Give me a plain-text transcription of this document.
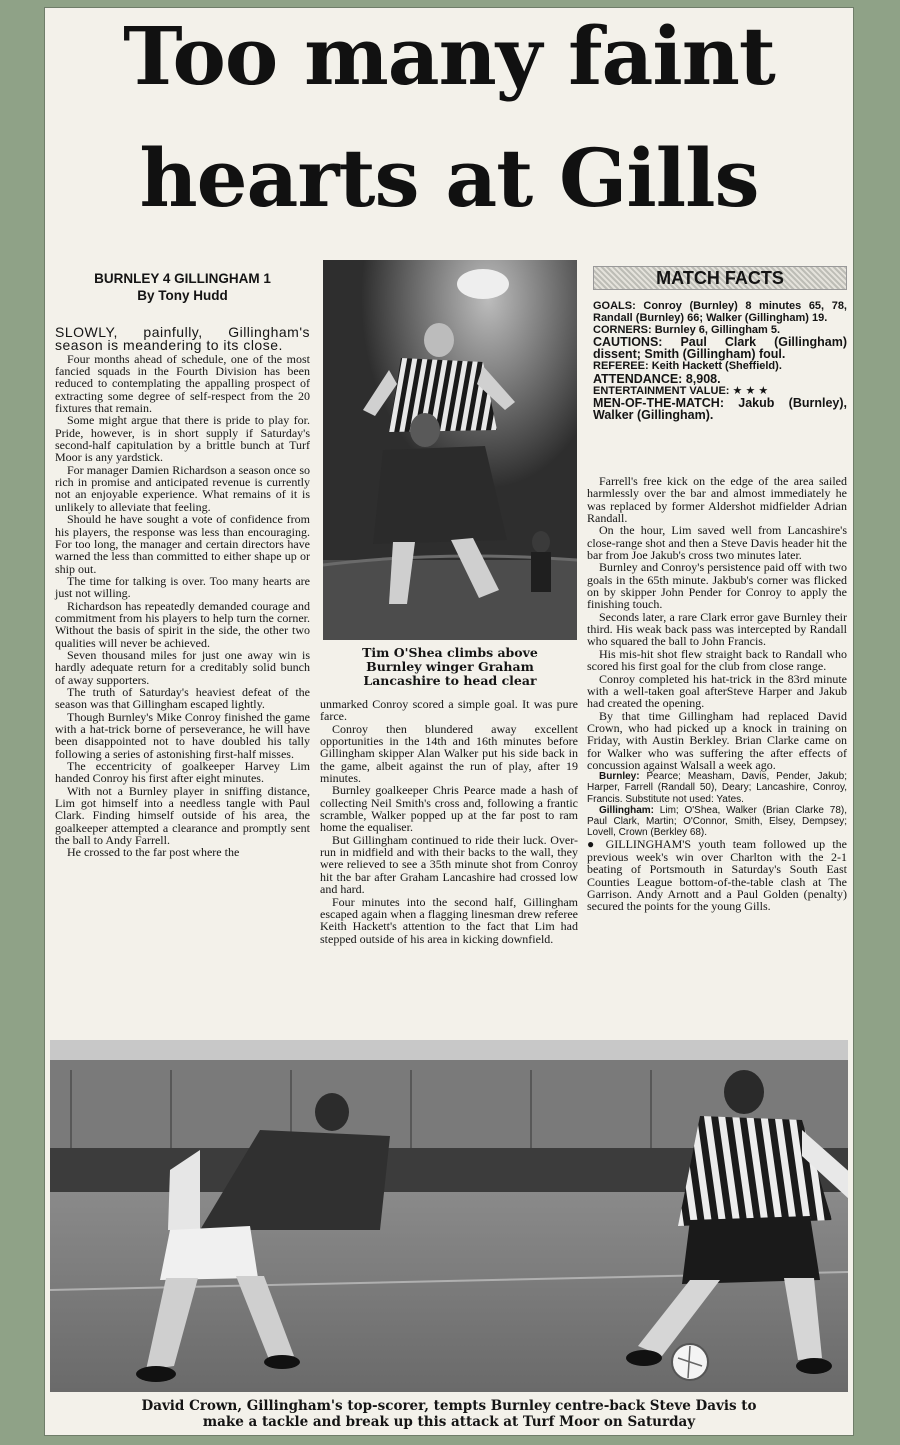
Too many faint
hearts at Gills
BURNLEY 4 GILLINGHAM 1
By Tony Hudd

SLOWLY, painfully, Gillingham's season is meandering to its close.

Four months ahead of schedule, one of the most fancied squads in the Fourth Division has been reduced to contemplating the appalling prospect of extracting some degree of self-respect from the 20 fixtures that remain.

Some might argue that there is pride to play for. Pride, however, is in short supply if Saturday's second-half capitulation by a brittle bunch at Turf Moor is any yardstick.

For manager Damien Richardson a season once so rich in promise and anticipated revenue is currently not an enjoyable experience. What remains of it is unlikely to alleviate that feeling.

Should he have sought a vote of confidence from his players, the response was less than encouraging. For too long, the manager and certain directors have warned the less than committed to either shape up or ship out.

The time for talking is over. Too many hearts are just not willing.

Richardson has repeatedly demanded courage and commitment from his players to help turn the corner. Without the basis of spirit in the side, the other two qualities will never be achieved.

Seven thousand miles for just one away win is hardly adequate return for a creditably solid bunch of away supporters.

The truth of Saturday's heaviest defeat of the season was that Gillingham escaped lightly.

Though Burnley's Mike Conroy finished the game with a hat-trick borne of perseverance, he will have been disappointed not to have doubled his tally following a series of astonishing first-half misses.

The eccentricity of goalkeeper Harvey Lim handed Conroy his first after eight minutes.

With not a Burnley player in sniffing distance, Lim got himself into a needless tangle with Paul Clark. Finding himself outside of his area, the goalkeeper attempted a clearance and promptly sent the ball to Andy Farrell.

He crossed to the far post where the

Tim O'Shea climbs above
Burnley winger Graham
Lancashire to head clear

unmarked Conroy scored a simple goal. It was pure farce.

Conroy then blundered away excellent opportunities in the 14th and 16th minutes before Gillingham skipper Alan Walker put his side back in the game, albeit against the run of play, after 19 minutes.

Burnley goalkeeper Chris Pearce made a hash of collecting Neil Smith's cross and, following a frantic scramble, Walker popped up at the far post to ram home the equaliser.

But Gillingham continued to ride their luck. Over-run in midfield and with their backs to the wall, they were relieved to see a 35th minute shot from Conroy hit the bar after Graham Lancashire had crossed low and hard.

Four minutes into the second half, Gillingham escaped again when a flagging linesman drew referee Keith Hackett's attention to the fact that Lim had stepped outside of his area in kicking downfield.

MATCH FACTS
GOALS: Conroy (Burnley) 8 minutes 65, 78, Randall (Burnley) 66; Walker (Gillingham) 19.
CORNERS: Burnley 6, Gillingham 5.
CAUTIONS: Paul Clark (Gillingham) dissent; Smith (Gillingham) foul.
REFEREE: Keith Hackett (Sheffield).
ATTENDANCE: 8,908.
ENTERTAINMENT VALUE: ★ ★ ★
MEN-OF-THE-MATCH: Jakub (Burnley), Walker (Gillingham).

Farrell's free kick on the edge of the area sailed harmlessly over the bar and almost immediately he was replaced by former Aldershot midfielder Adrian Randall.

On the hour, Lim saved well from Lancashire's close-range shot and then a Steve Davis header hit the bar from Joe Jakub's cross two minutes later.

Burnley and Conroy's persistence paid off with two goals in the 65th minute. Jakbub's corner was flicked on by skipper John Pender for Conroy to apply the finishing touch.

Seconds later, a rare Clark error gave Burnley their third. His weak back pass was intercepted by Randall who squared the ball to John Francis.

His mis-hit shot flew straight back to Randall who scored his first goal for the club from close range.

Conroy completed his hat-trick in the 83rd minute with a well-taken goal afterSteve Harper and Jakub had created the opening.

By that time Gillingham had replaced David Crown, who had picked up a knock in training on Friday, with Austin Berkley. Brian Clarke came on for Walker who was suffering the after effects of concussion against Walsall a week ago.

Burnley: Pearce; Measham, Davis, Pender, Jakub; Harper, Farrell (Randall 50), Deary; Lancashire, Conroy, Francis. Substitute not used: Yates.

Gillingham: Lim; O'Shea, Walker (Brian Clarke 78), Paul Clark, Martin; O'Connor, Smith, Elsey, Dempsey; Lovell, Crown (Berkley 68).

● GILLINGHAM'S youth team followed up the previous week's win over Charlton with the 2-1 beating of Portsmouth in Saturday's South East Counties League bottom-of-the-table clash at The Garrison. Andy Arnott and a Paul Golden (penalty) secured the points for the young Gills.

David Crown, Gillingham's top-scorer, tempts Burnley centre-back Steve Davis to
make a tackle and break up this attack at Turf Moor on Saturday
